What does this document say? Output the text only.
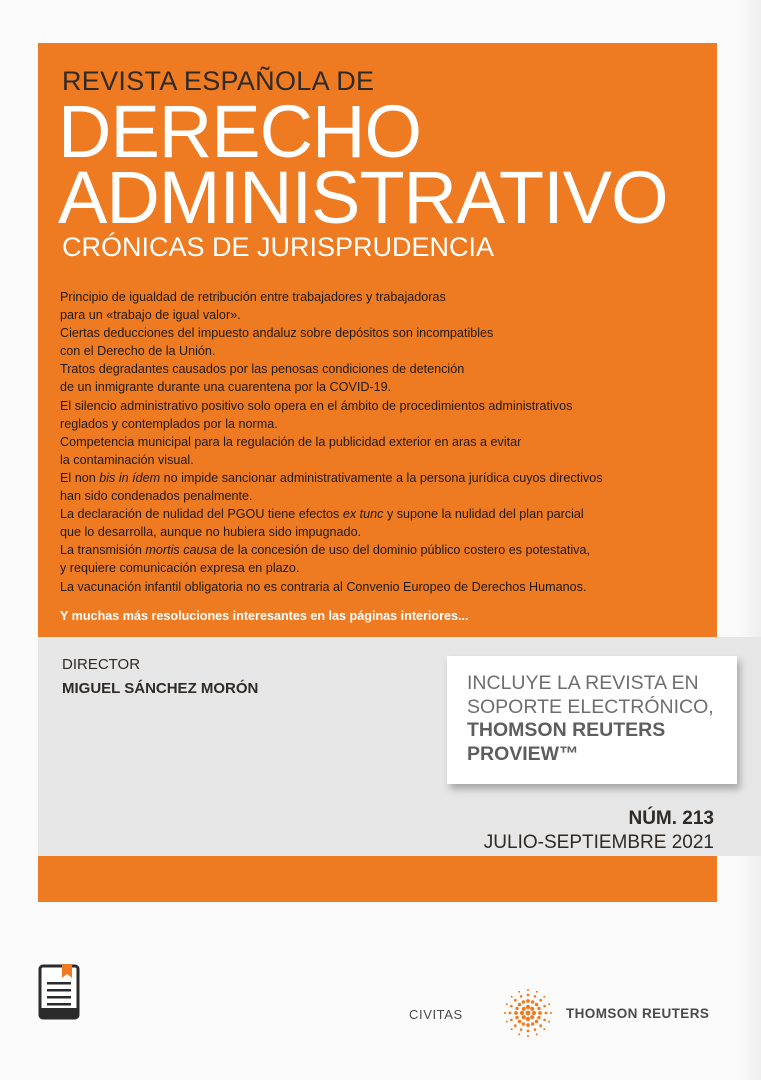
REVISTA ESPAÑOLA DE
DERECHO
ADMINISTRATIVO
CRÓNICAS DE JURISPRUDENCIA
Principio de igualdad de retribución entre trabajadores y trabajadoras
para un «trabajo de igual valor».
Ciertas deducciones del impuesto andaluz sobre depósitos son incompatibles
con el Derecho de la Unión.
Tratos degradantes causados por las penosas condiciones de detención
de un inmigrante durante una cuarentena por la COVID-19.
El silencio administrativo positivo solo opera en el ámbito de procedimientos administrativos
reglados y contemplados por la norma.
Competencia municipal para la regulación de la publicidad exterior en aras a evitar
la contaminación visual.
El non bis in ídem no impide sancionar administrativamente a la persona jurídica cuyos directivos
han sido condenados penalmente.
La declaración de nulidad del PGOU tiene efectos ex tunc y supone la nulidad del plan parcial
que lo desarrolla, aunque no hubiera sido impugnado.
La transmisión mortis causa de la concesión de uso del dominio público costero es potestativa,
y requiere comunicación expresa en plazo.
La vacunación infantil obligatoria no es contraria al Convenio Europeo de Derechos Humanos.
Y muchas más resoluciones interesantes en las páginas interiores...
DIRECTOR
MIGUEL SÁNCHEZ MORÓN	INCLUYE LA REVISTA EN
SOPORTE ELECTRÓNICO,
THOMSON REUTERS
PROVIEW™
NÚM. 213
JULIO-SEPTIEMBRE 2021
CIVITAS	THOMSON REUTERS
